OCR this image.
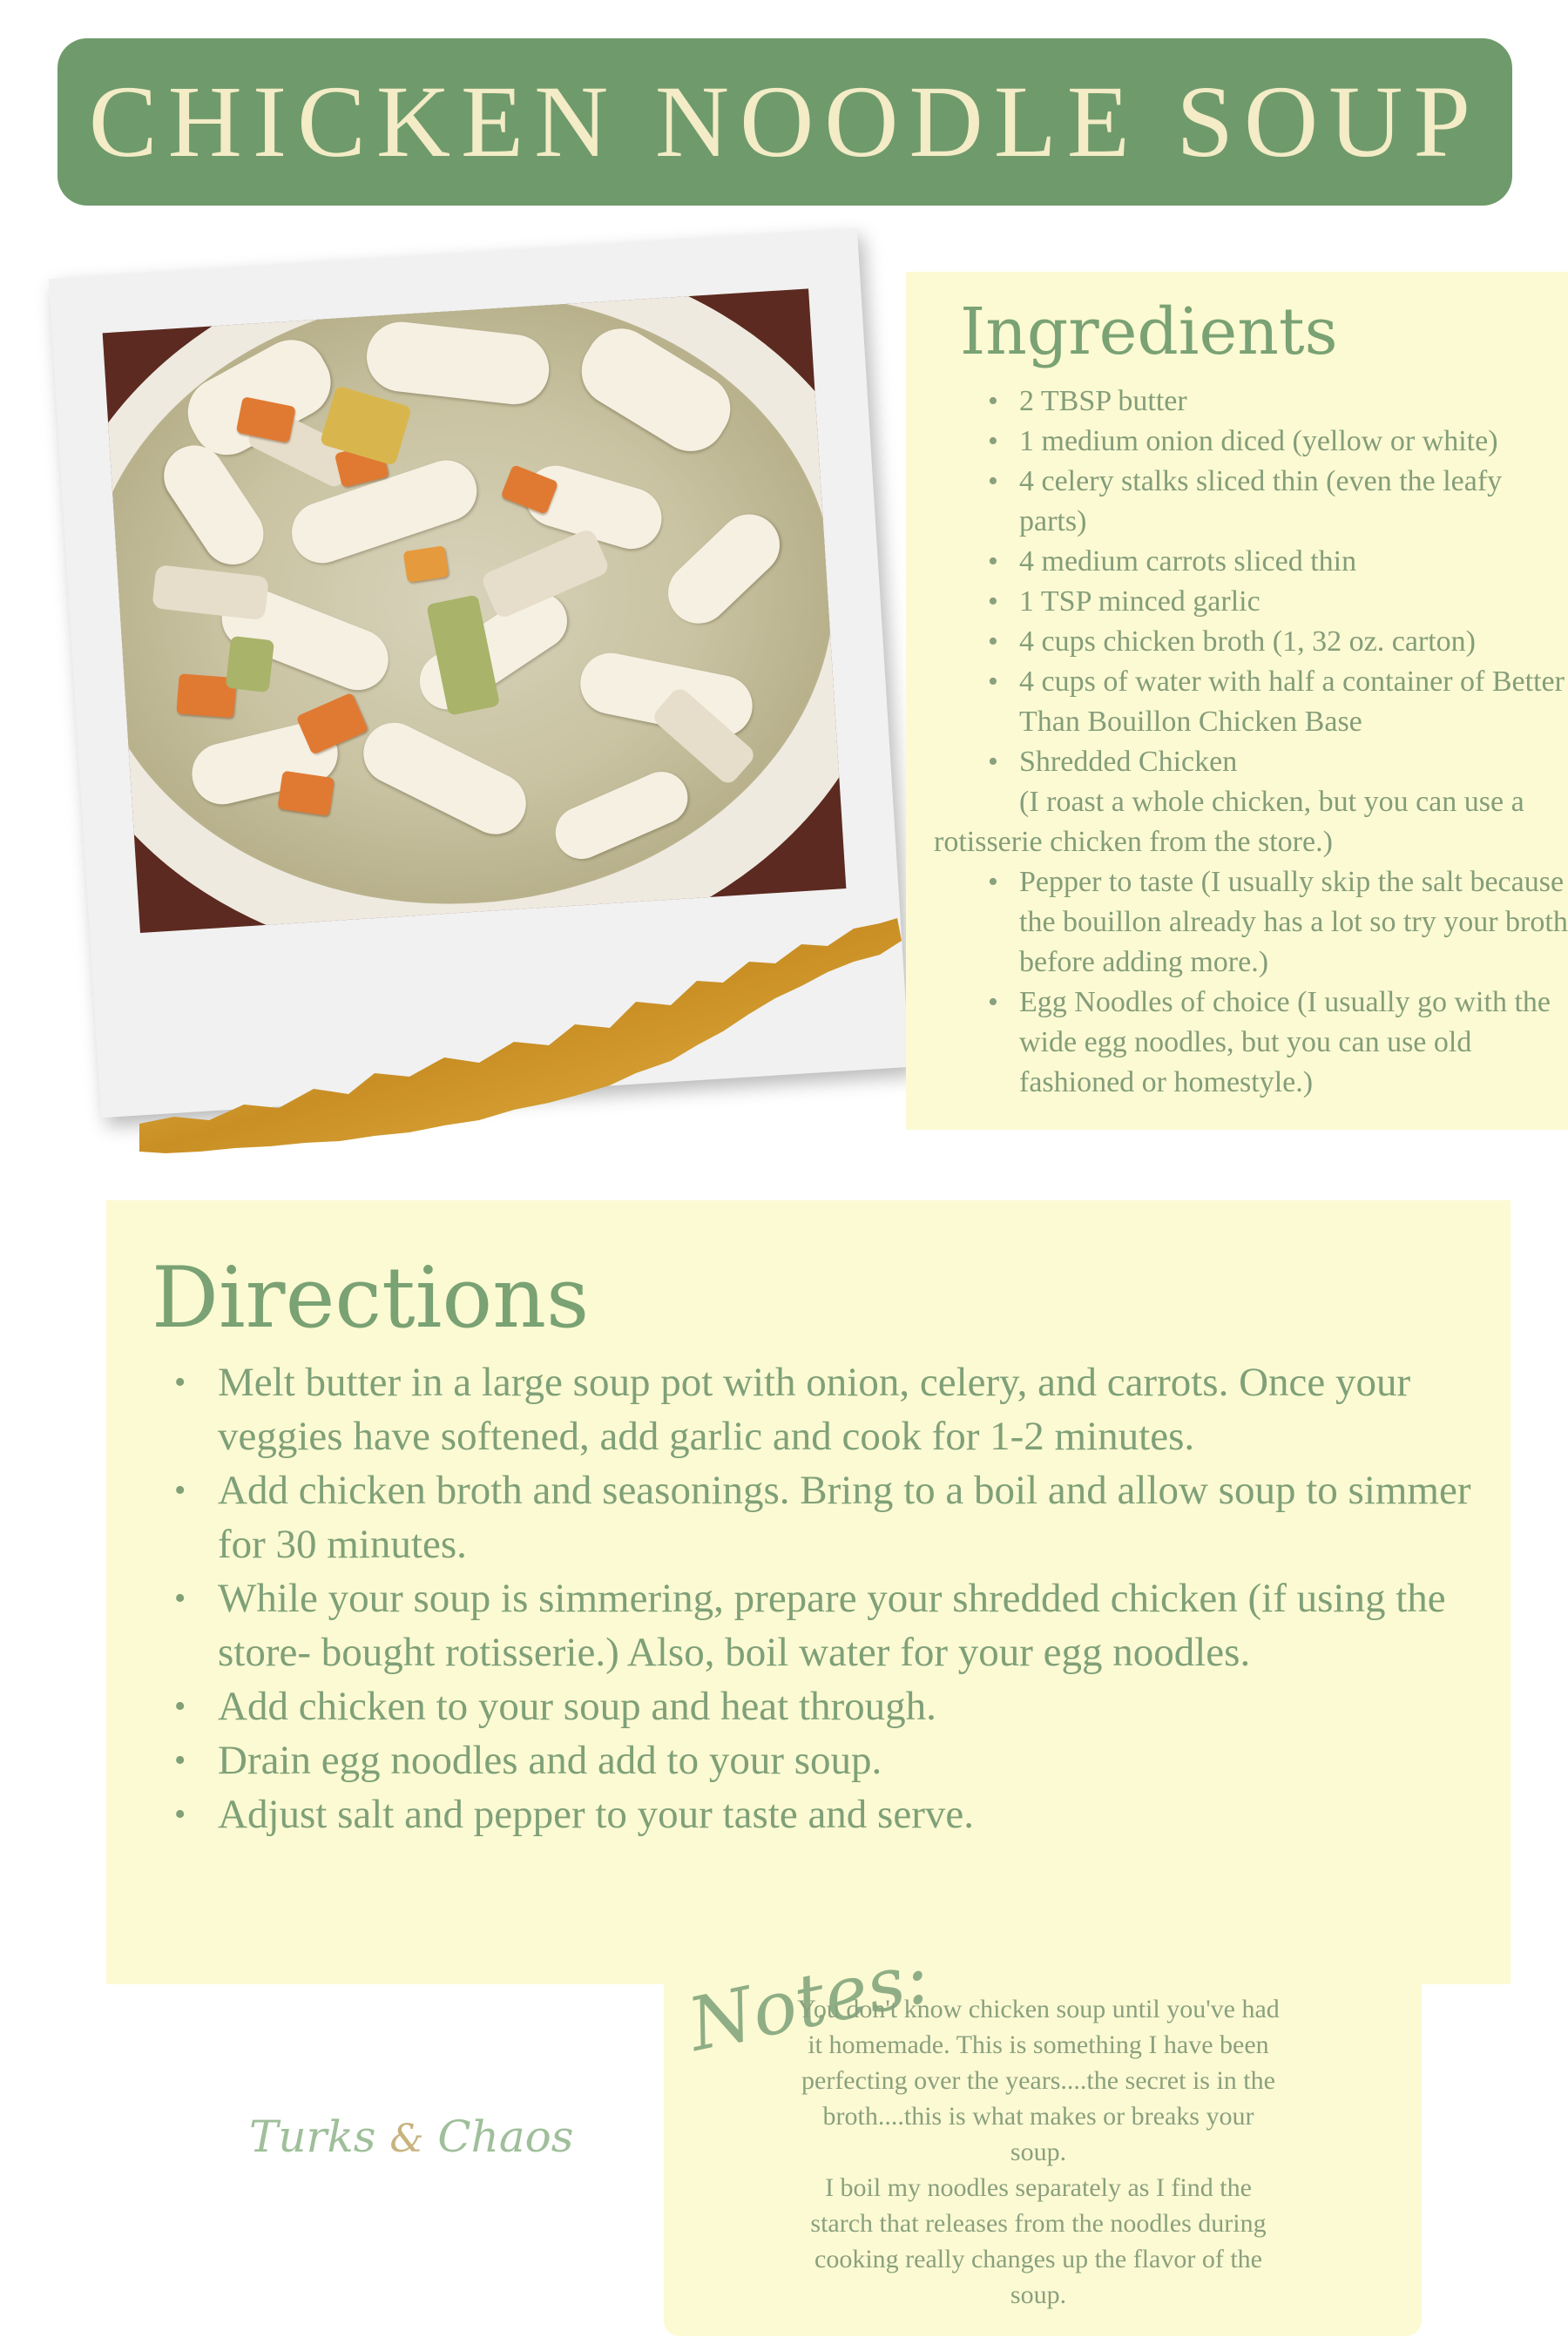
CHICKEN NOODLE SOUP
Ingredients
• 2 TBSP butter
• 1 medium onion diced (yellow or white)
• 4 celery stalks sliced thin (even the leafy parts)
• 4 medium carrots sliced thin
• 1 TSP minced garlic
• 4 cups chicken broth (1, 32 oz. carton)
• 4 cups of water with half a container of Better Than Bouillon Chicken Base
• Shredded Chicken
(I roast a whole chicken, but you can use a
rotisserie chicken from the store.)
• Pepper to taste (I usually skip the salt because the bouillon already has a lot so try your broth before adding more.)
• Egg Noodles of choice (I usually go with the wide egg noodles, but you can use old fashioned or homestyle.)
Directions
• Melt butter in a large soup pot with onion, celery, and carrots. Once your veggies have softened, add garlic and cook for 1-2 minutes.
• Add chicken broth and seasonings. Bring to a boil and allow soup to simmer for 30 minutes.
• While your soup is simmering, prepare your shredded chicken (if using the store- bought rotisserie.) Also, boil water for your egg noodles.
• Add chicken to your soup and heat through.
• Drain egg noodles and add to your soup.
• Adjust salt and pepper to your taste and serve.
Notes:

You don't know chicken soup until you've had it homemade. This is something I have been perfecting over the years....the secret is in the broth....this is what makes or breaks your soup.

I boil my noodles separately as I find the starch that releases from the noodles during cooking really changes up the flavor of the soup.

Turks & Chaos
